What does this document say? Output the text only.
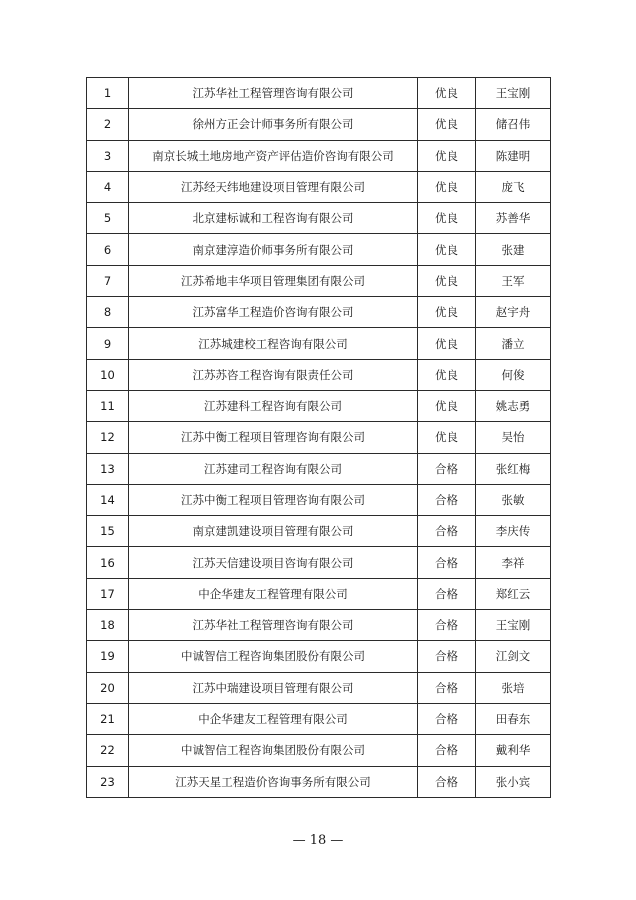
1	江苏华社工程管理咨询有限公司	优良	王宝刚
2	徐州方正会计师事务所有限公司	优良	储召伟
3	南京长城土地房地产资产评估造价咨询有限公司	优良	陈建明
4	江苏经天纬地建设项目管理有限公司	优良	庞飞
5	北京建标诚和工程咨询有限公司	优良	苏善华
6	南京建淳造价师事务所有限公司	优良	张建
7	江苏希地丰华项目管理集团有限公司	优良	王军
8	江苏富华工程造价咨询有限公司	优良	赵宇舟
9	江苏城建校工程咨询有限公司	优良	潘立
10	江苏苏咨工程咨询有限责任公司	优良	何俊
11	江苏建科工程咨询有限公司	优良	姚志勇
12	江苏中衡工程项目管理咨询有限公司	优良	吴怡
13	江苏建司工程咨询有限公司	合格	张红梅
14	江苏中衡工程项目管理咨询有限公司	合格	张敏
15	南京建凯建设项目管理有限公司	合格	李庆传
16	江苏天信建设项目咨询有限公司	合格	李祥
17	中企华建友工程管理有限公司	合格	郑红云
18	江苏华社工程管理咨询有限公司	合格	王宝刚
19	中诚智信工程咨询集团股份有限公司	合格	江剑文
20	江苏中瑞建设项目管理有限公司	合格	张培
21	中企华建友工程管理有限公司	合格	田春东
22	中诚智信工程咨询集团股份有限公司	合格	戴利华
23	江苏天星工程造价咨询事务所有限公司	合格	张小宾
— 18 —
